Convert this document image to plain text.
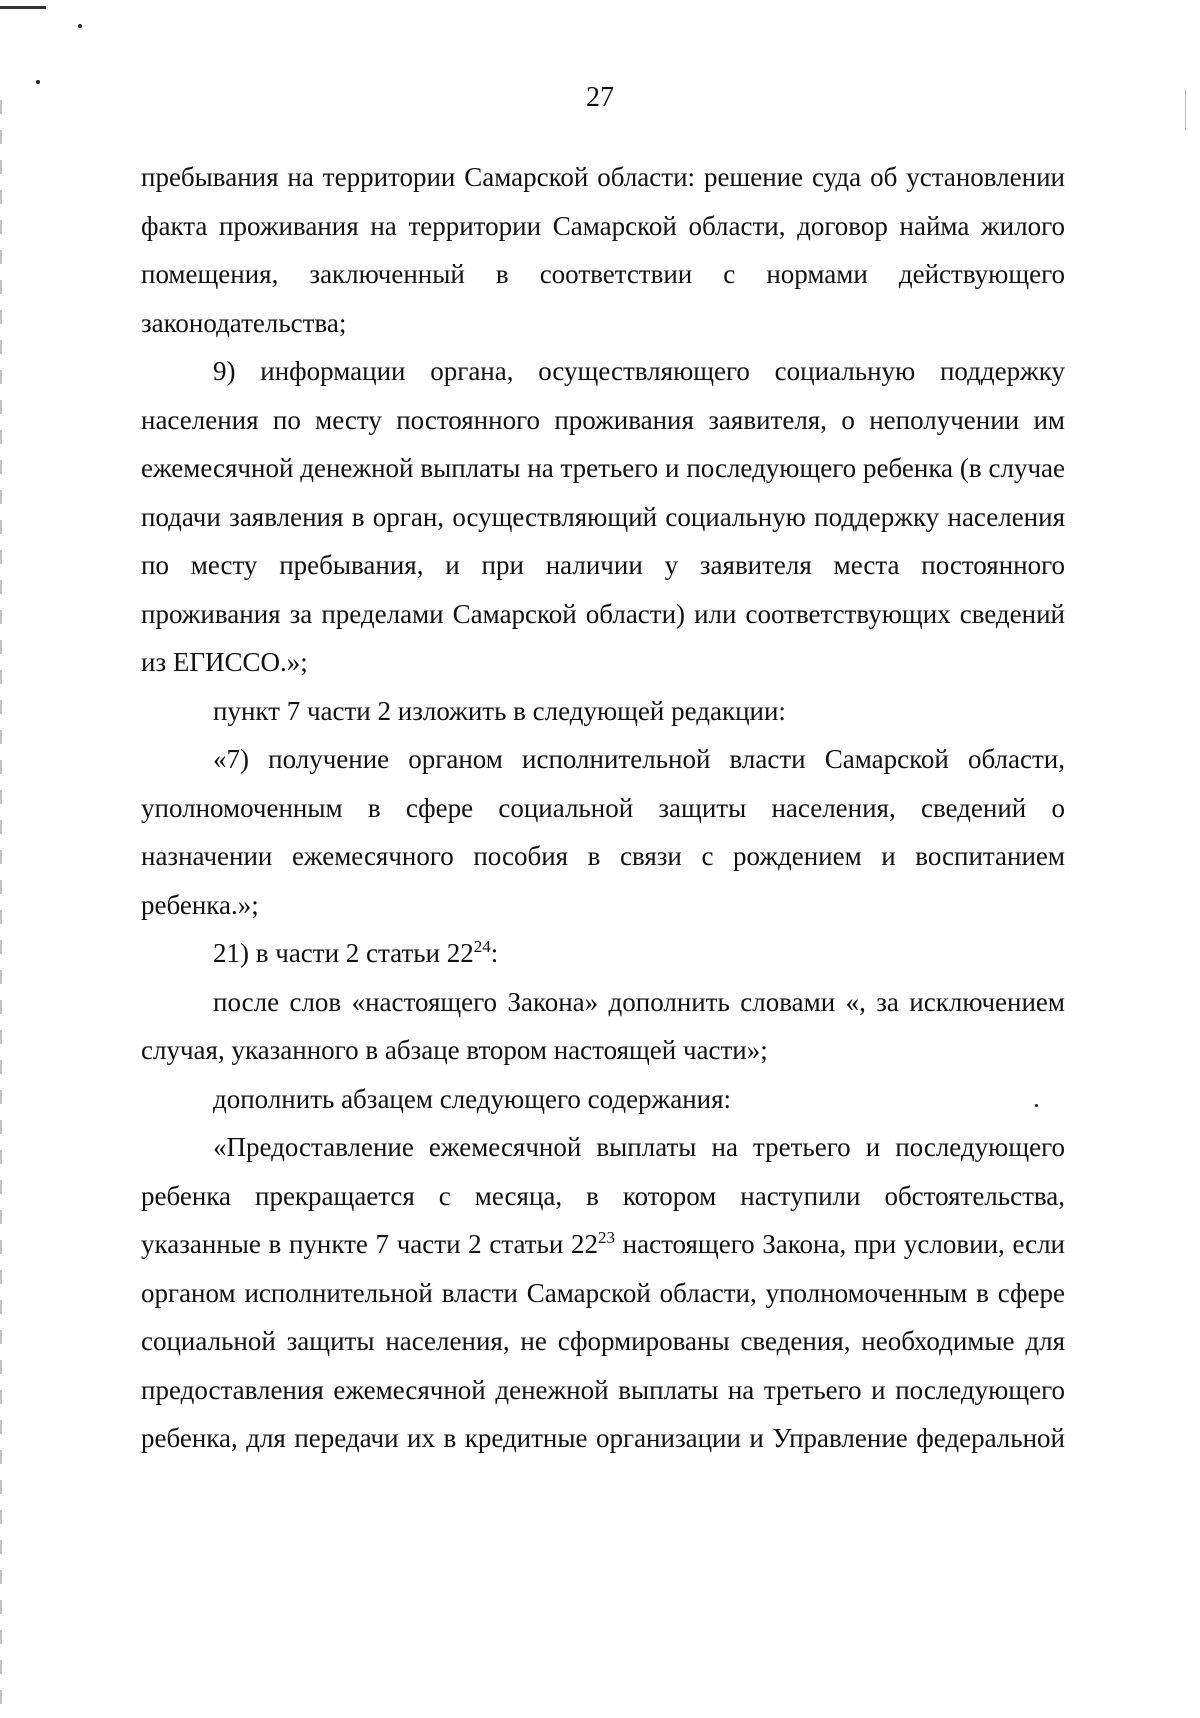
27

пребывания на территории Самарской области: решение суда об установлении факта проживания на территории Самарской области, договор найма жилого помещения, заключенный в соответствии с нормами действующего законодательства;

9) информации органа, осуществляющего социальную поддержку населения по месту постоянного проживания заявителя, о неполучении им ежемесячной денежной выплаты на третьего и последующего ребенка (в случае подачи заявления в орган, осуществляющий социальную поддержку населения по месту пребывания, и при наличии у заявителя места постоянного проживания за пределами Самарской области) или соответствующих сведений из ЕГИССО.»;

пункт 7 части 2 изложить в следующей редакции:

«7) получение органом исполнительной власти Самарской области, уполномоченным в сфере социальной защиты населения, сведений о назначении ежемесячного пособия в связи с рождением и воспитанием ребенка.»;

21) в части 2 статьи $22^{24}$:

после слов «настоящего Закона» дополнить словами «, за исключением случая, указанного в абзаце втором настоящей части»;

дополнить абзацем следующего содержания:

«Предоставление ежемесячной выплаты на третьего и последующего ребенка прекращается с месяца, в котором наступили обстоятельства, указанные в пункте 7 части 2 статьи $22^{23}$ настоящего Закона, при условии, если органом исполнительной власти Самарской области, уполномоченным в сфере социальной защиты населения, не сформированы сведения, необходимые для предоставления ежемесячной денежной выплаты на третьего и последующего ребенка, для передачи их в кредитные организации и Управление федеральной
